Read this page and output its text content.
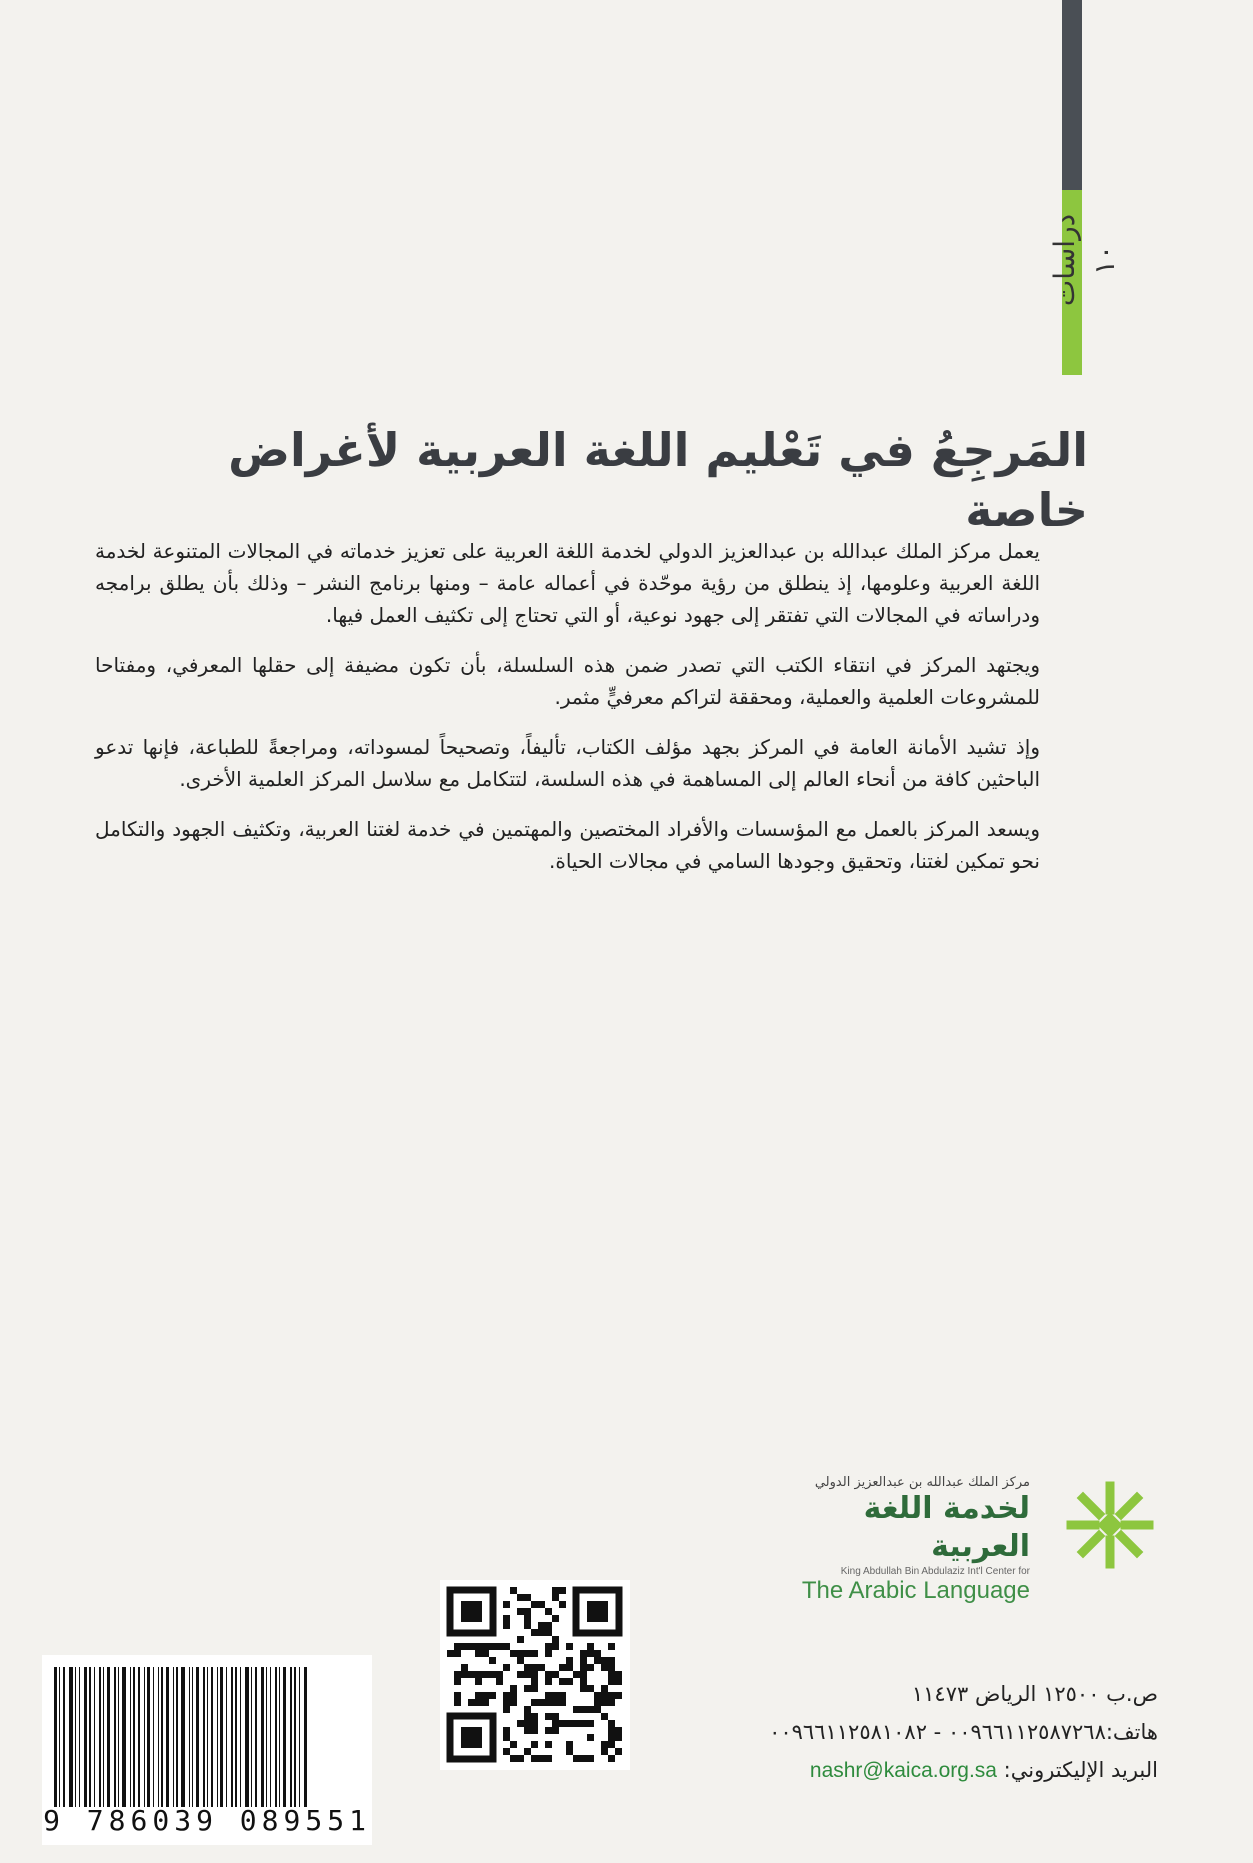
دراسات ١٠
المَرجِعُ في تَعْليم اللغة العربية لأغراض خاصة

يعمل مركز الملك عبدالله بن عبدالعزيز الدولي لخدمة اللغة العربية على تعزيز خدماته في المجالات المتنوعة لخدمة اللغة العربية وعلومها، إذ ينطلق من رؤية موحّدة في أعماله عامة – ومنها برنامج النشر – وذلك بأن يطلق برامجه ودراساته في المجالات التي تفتقر إلى جهود نوعية، أو التي تحتاج إلى تكثيف العمل فيها.

ويجتهد المركز في انتقاء الكتب التي تصدر ضمن هذه السلسلة، بأن تكون مضيفة إلى حقلها المعرفي، ومفتاحا للمشروعات العلمية والعملية، ومحققة لتراكم معرفيٍّ مثمر.

وإذ تشيد الأمانة العامة في المركز بجهد مؤلف الكتاب، تأليفاً، وتصحيحاً لمسوداته، ومراجعةً للطباعة، فإنها تدعو الباحثين كافة من أنحاء العالم إلى المساهمة في هذه السلسة، لتتكامل مع سلاسل المركز العلمية الأخرى.

ويسعد المركز بالعمل مع المؤسسات والأفراد المختصين والمهتمين في خدمة لغتنا العربية، وتكثيف الجهود والتكامل نحو تمكين لغتنا، وتحقيق وجودها السامي في مجالات الحياة.

مركز الملك عبدالله بن عبدالعزيز الدولي
لخدمة اللغة العربية
King Abdullah Bin Abdulaziz Int'l Center for
The Arabic Language
9 786039 089551
ص.ب ١٢٥٠٠ الرياض ١١٤٧٣
هاتف:٠٠٩٦٦١١٢٥٨٧٢٦٨ - ٠٠٩٦٦١١٢٥٨١٠٨٢
البريد الإليكتروني: nashr@kaica.org.sa
